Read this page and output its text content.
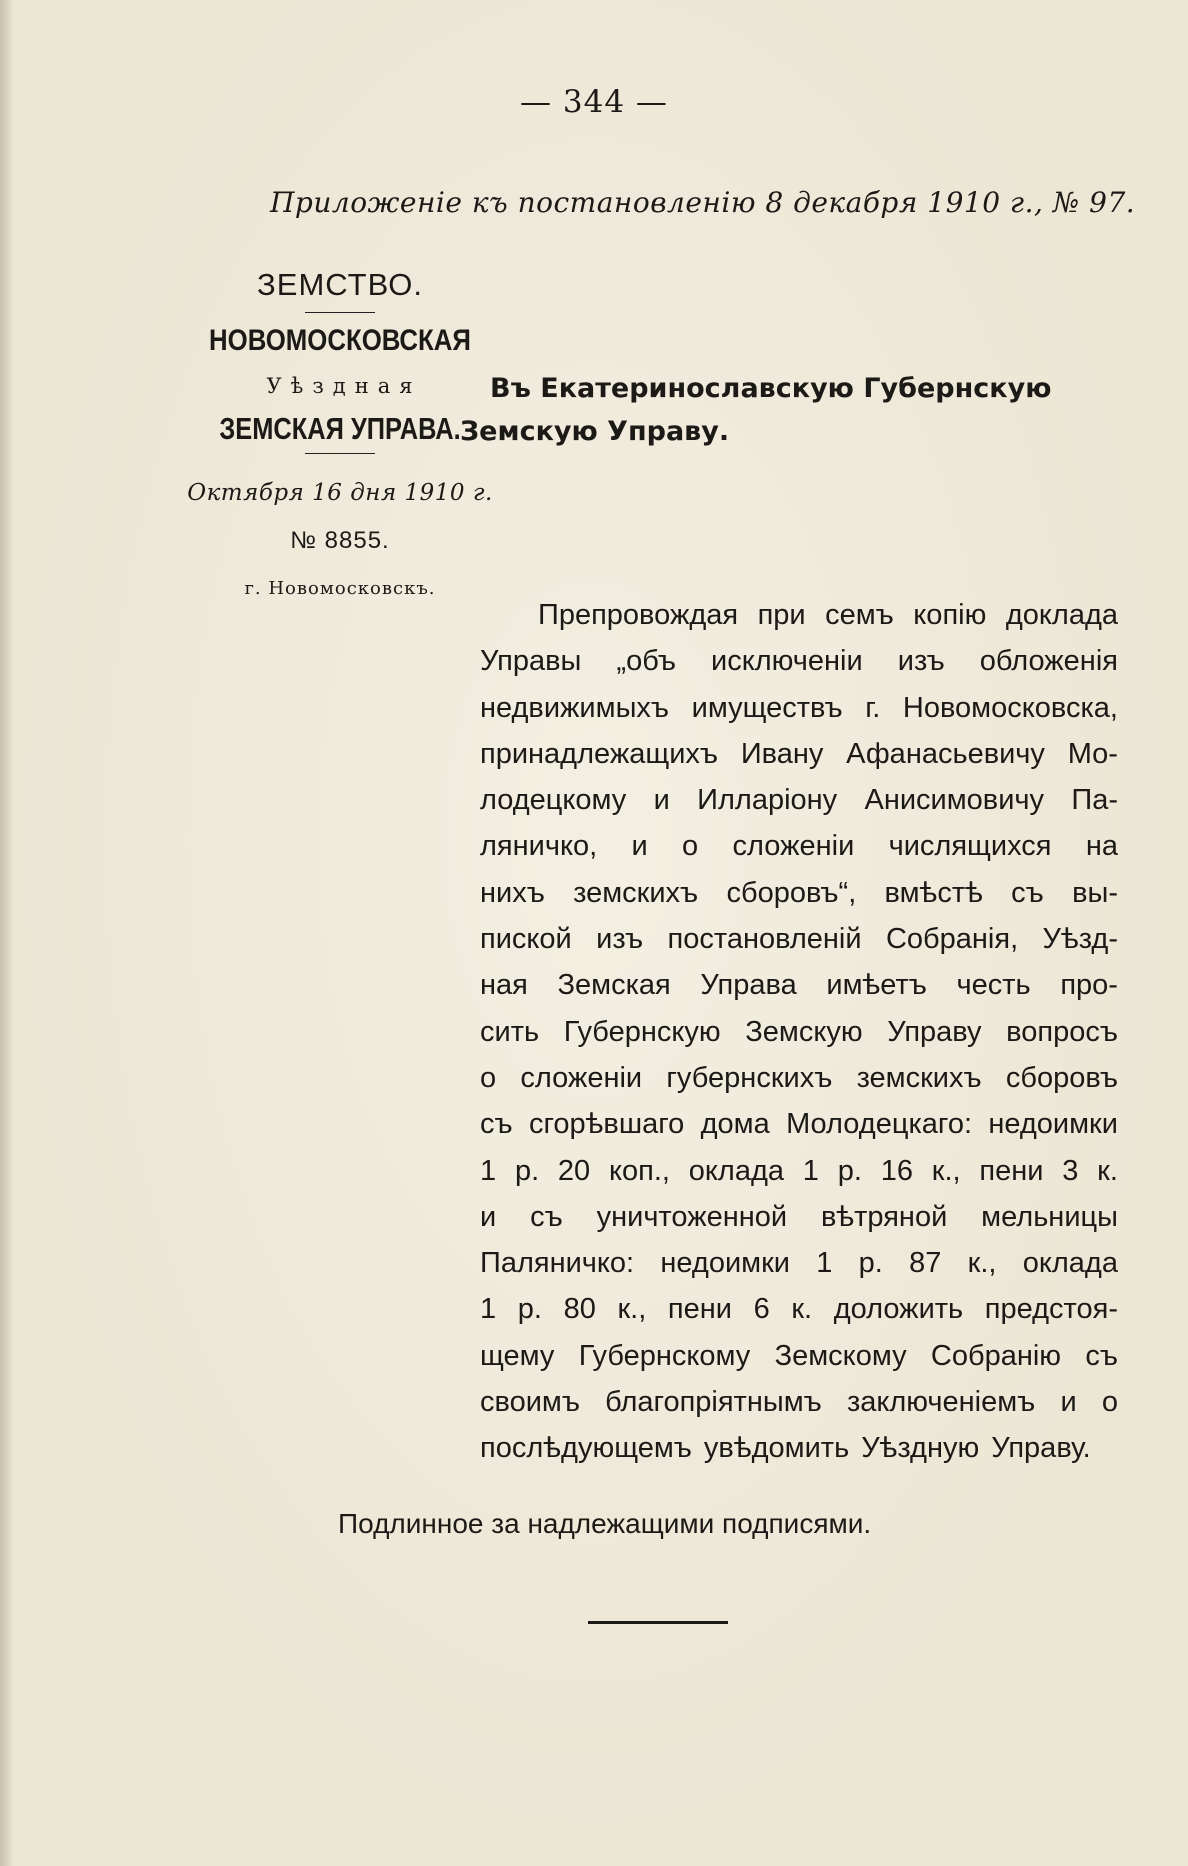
— 344 —
Приложеніе къ постановленію 8 декабря 1910 г., № 97.
ЗЕМСТВО.
НОВОМОСКОВСКАЯ
Уѣздная
ЗЕМСКАЯ УПРАВА.
Октября 16 дня 1910 г.
№ 8855.
г. Новомосковскъ.
Въ Екатеринославскую Губернскую
Земскую Управу.
Препровождая при семъ копію доклада
Управы „объ исключеніи изъ обложенія
недвижимыхъ имуществъ г. Новомосковска,
принадлежащихъ Ивану Афанасьевичу Мо-
лодецкому и Илларіону Анисимовичу Па-
ляничко, и о сложеніи числящихся на
нихъ земскихъ сборовъ“, вмѣстѣ съ вы-
пиской изъ постановленій Собранія, Уѣзд-
ная Земская Управа имѣетъ честь про-
сить Губернскую Земскую Управу вопросъ
о сложеніи губернскихъ земскихъ сборовъ
съ сгорѣвшаго дома Молодецкаго: недоимки
1 р. 20 коп., оклада 1 р. 16 к., пени 3 к.
и съ уничтоженной вѣтряной мельницы
Паляничко: недоимки 1 р. 87 к., оклада
1 р. 80 к., пени 6 к. доложить предстоя-
щему Губернскому Земскому Собранію съ
своимъ благопріятнымъ заключеніемъ и о
послѣдующемъ увѣдомить Уѣздную Управу.
Подлинное за надлежащими подписями.
